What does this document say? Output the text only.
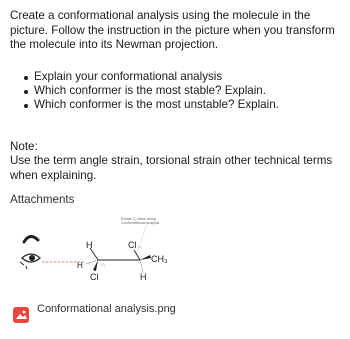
Create a conformational analysis using the molecule in the picture. Follow the instruction in the picture when you transform the molecule into its Newman projection.

Explain your conformational analysis
Which conformer is the most stable? Explain.
Which conformer is the most unstable? Explain.
Note:

Use the term angle strain, torsional strain other technical terms when explaining.

Attachments
Rotate C₁ when doing
Conformational analysis
H	Cl C₁
CH₃
H	C₂
Cl	H
Conformational analysis.png
